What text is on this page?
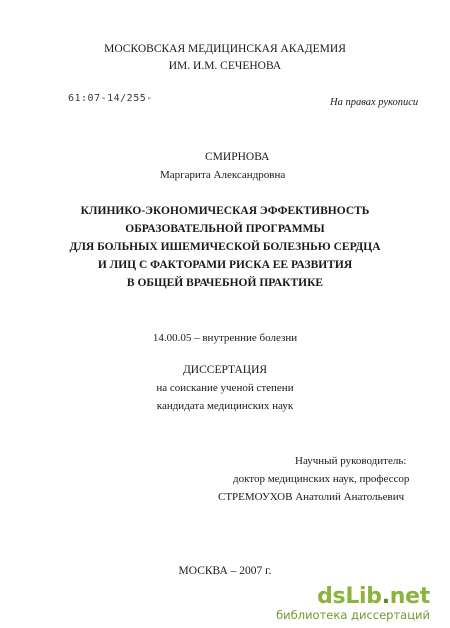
МОСКОВСКАЯ МЕДИЦИНСКАЯ АКАДЕМИЯ
ИМ. И.М. СЕЧЕНОВА
61:07-14/255-	На правах рукописи
СМИРНОВА
Маргарита Александровна
КЛИНИКО-ЭКОНОМИЧЕСКАЯ ЭФФЕКТИВНОСТЬ
ОБРАЗОВАТЕЛЬНОЙ ПРОГРАММЫ
ДЛЯ БОЛЬНЫХ ИШЕМИЧЕСКОЙ БОЛЕЗНЬЮ СЕРДЦА
И ЛИЦ С ФАКТОРАМИ РИСКА ЕЕ РАЗВИТИЯ
В ОБЩЕЙ ВРАЧЕБНОЙ ПРАКТИКЕ
14.00.05 – внутренние болезни
ДИССЕРТАЦИЯ
на соискание ученой степени
кандидата медицинских наук
Научный руководитель:
доктор медицинских наук, профессор
СТРЕМОУХОВ Анатолий Анатольевич
МОСКВА – 2007 г.
dsLib.net
библиотека диссертаций
